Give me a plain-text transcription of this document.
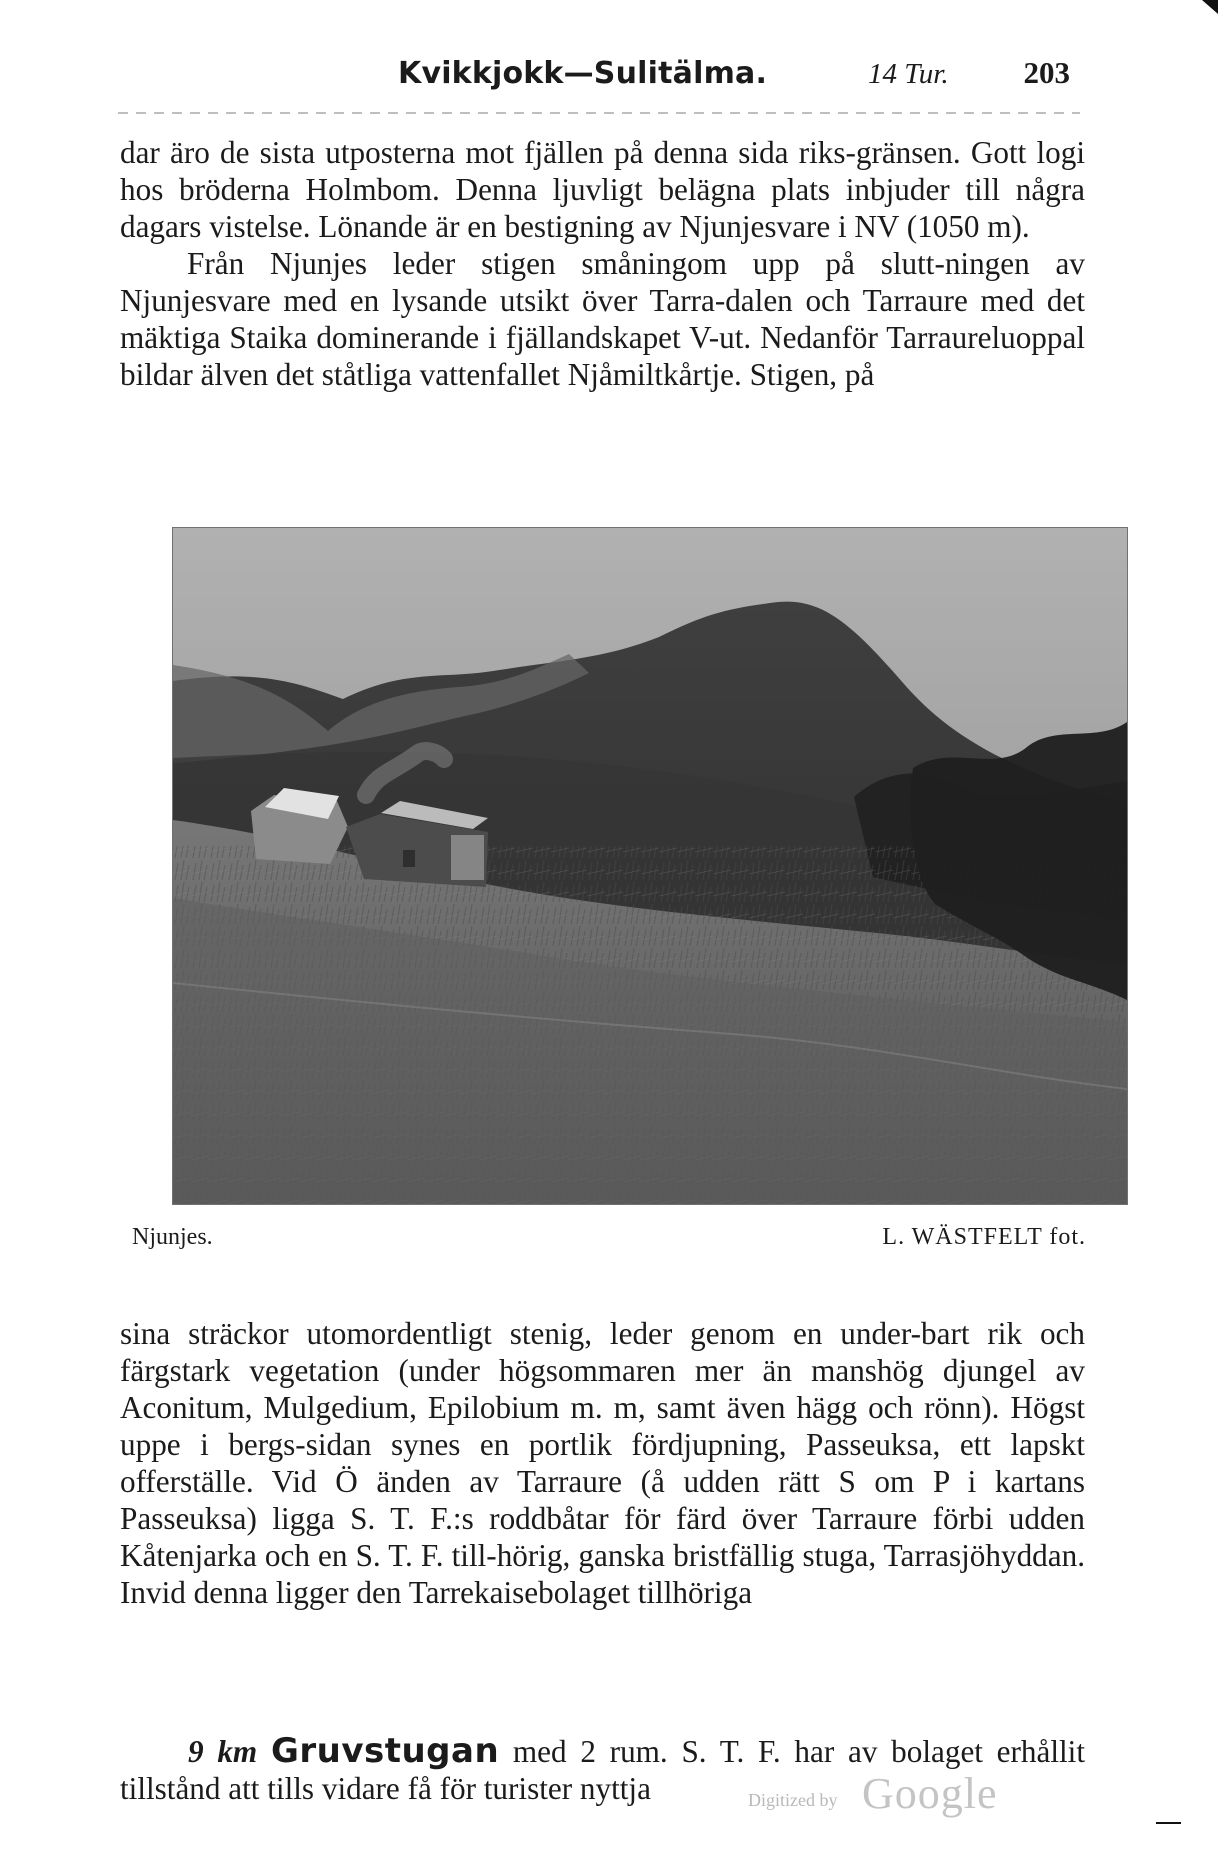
Kvikkjokk—Sulitälma.	14 Tur. 203

dar äro de sista utposterna mot fjällen på denna sida riks-gränsen. Gott logi hos bröderna Holmbom. Denna ljuvligt belägna plats inbjuder till några dagars vistelse. Lönande är en bestigning av Njunjesvare i NV (1050 m).

Från Njunjes leder stigen småningom upp på slutt-ningen av Njunjesvare med en lysande utsikt över Tarra-dalen och Tarraure med det mäktiga Staika dominerande i fjällandskapet V-ut. Nedanför Tarraureluoppal bildar älven det ståtliga vattenfallet Njåmiltkårtje. Stigen, på

Njunjes.	L. WÄSTFELT fot.

sina sträckor utomordentligt stenig, leder genom en under-bart rik och färgstark vegetation (under högsommaren mer än manshög djungel av Aconitum, Mulgedium, Epilobium m. m, samt även hägg och rönn). Högst uppe i bergs-sidan synes en portlik fördjupning, Passeuksa, ett lapskt offerställe. Vid Ö änden av Tarraure (å udden rätt S om P i kartans Passeuksa) ligga S. T. F.:s roddbåtar för färd över Tarraure förbi udden Kåtenjarka och en S. T. F. till-hörig, ganska bristfällig stuga, Tarrasjöhyddan. Invid denna ligger den Tarrekaisebolaget tillhöriga

9 km Gruvstugan med 2 rum. S. T. F. har av bolaget erhållit tillstånd att tills vidare få för turister nyttja	Digitized by Google
